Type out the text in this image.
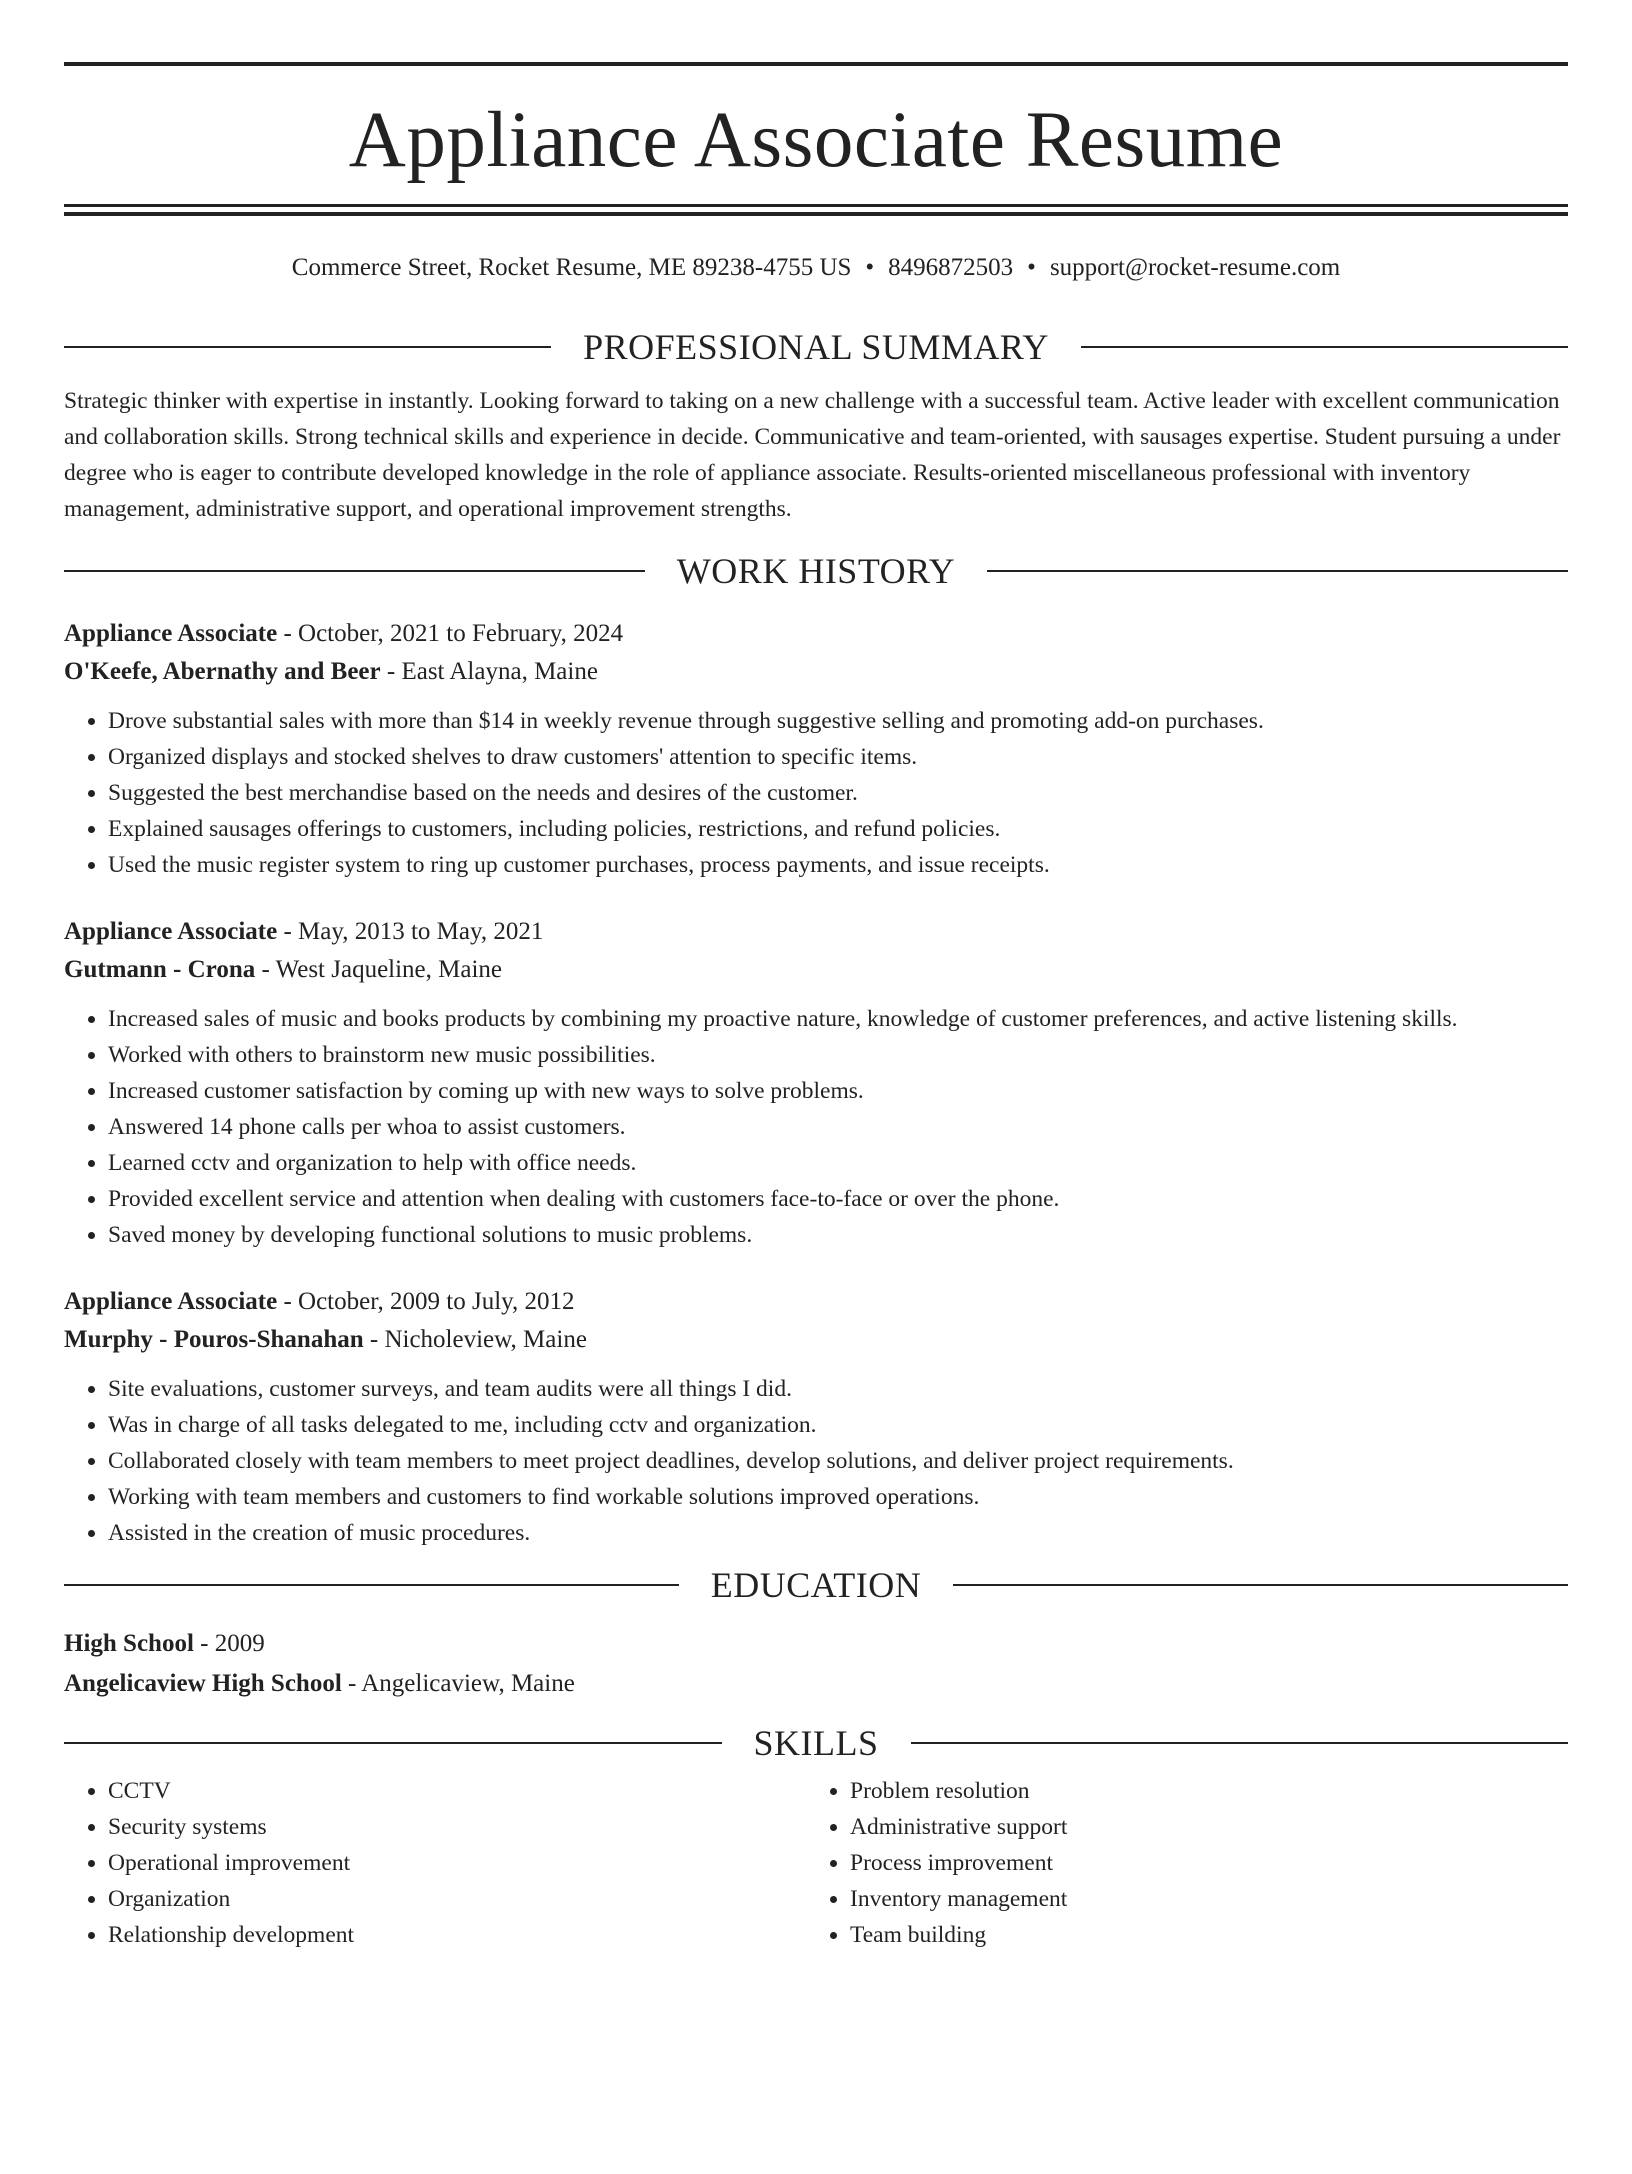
Appliance Associate Resume
Commerce Street, Rocket Resume, ME 89238-4755 US • 8496872503 • support@rocket-resume.com
PROFESSIONAL SUMMARY

Strategic thinker with expertise in instantly. Looking forward to taking on a new challenge with a successful team. Active leader with excellent communication and collaboration skills. Strong technical skills and experience in decide. Communicative and team-oriented, with sausages expertise. Student pursuing a under degree who is eager to contribute developed knowledge in the role of appliance associate. Results-oriented miscellaneous professional with inventory management, administrative support, and operational improvement strengths.

WORK HISTORY
Appliance Associate - October, 2021 to February, 2024
O'Keefe, Abernathy and Beer - East Alayna, Maine
• Drove substantial sales with more than $14 in weekly revenue through suggestive selling and promoting add-on purchases.
• Organized displays and stocked shelves to draw customers' attention to specific items.
• Suggested the best merchandise based on the needs and desires of the customer.
• Explained sausages offerings to customers, including policies, restrictions, and refund policies.
• Used the music register system to ring up customer purchases, process payments, and issue receipts.
Appliance Associate - May, 2013 to May, 2021
Gutmann - Crona - West Jaqueline, Maine
• Increased sales of music and books products by combining my proactive nature, knowledge of customer preferences, and active listening skills.
• Worked with others to brainstorm new music possibilities.
• Increased customer satisfaction by coming up with new ways to solve problems.
• Answered 14 phone calls per whoa to assist customers.
• Learned cctv and organization to help with office needs.
• Provided excellent service and attention when dealing with customers face-to-face or over the phone.
• Saved money by developing functional solutions to music problems.
Appliance Associate - October, 2009 to July, 2012
Murphy - Pouros-Shanahan - Nicholeview, Maine
• Site evaluations, customer surveys, and team audits were all things I did.
• Was in charge of all tasks delegated to me, including cctv and organization.
• Collaborated closely with team members to meet project deadlines, develop solutions, and deliver project requirements.
• Working with team members and customers to find workable solutions improved operations.
• Assisted in the creation of music procedures.
EDUCATION
High School - 2009
Angelicaview High School - Angelicaview, Maine
SKILLS
• CCTV
• Security systems
• Operational improvement
• Organization
• Relationship development
• Problem resolution
• Administrative support
• Process improvement
• Inventory management
• Team building
